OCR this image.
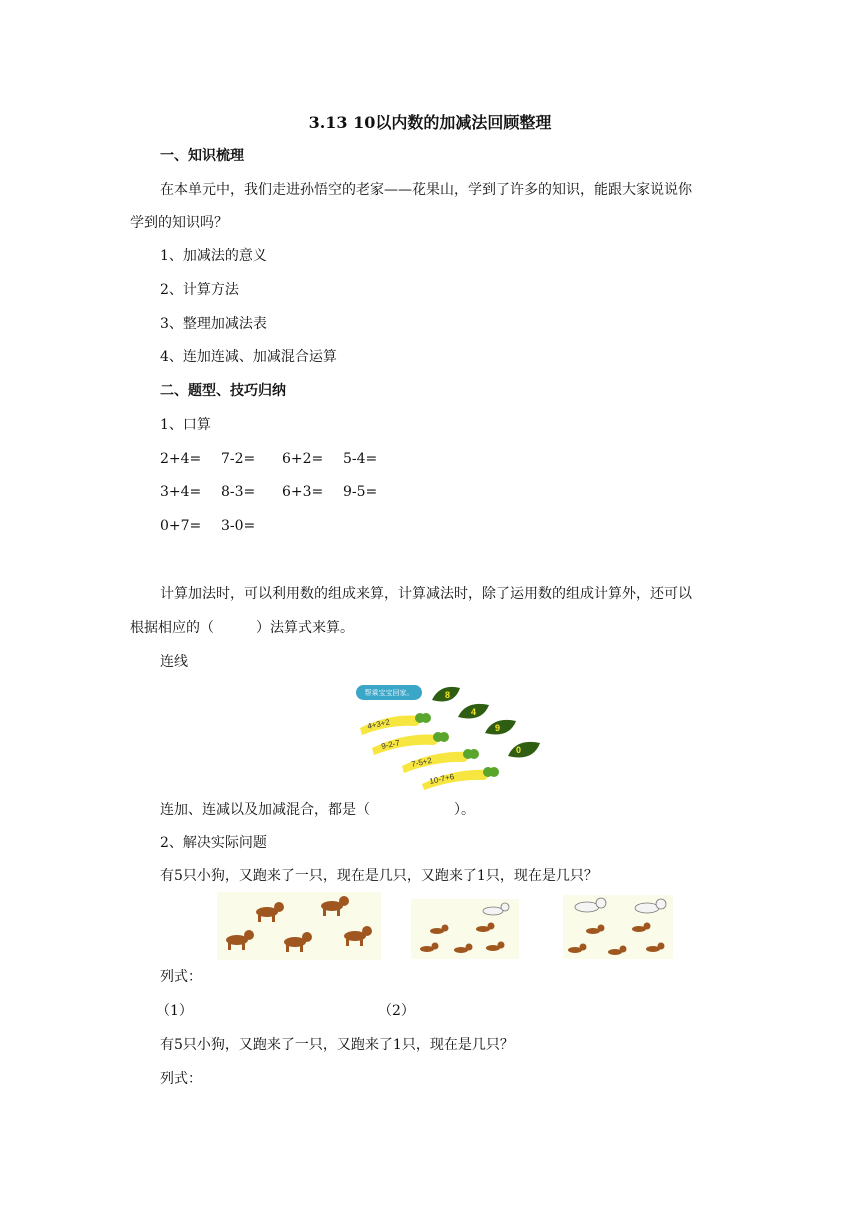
3.13 10以内数的加减法回顾整理
一、知识梳理
在本单元中，我们走进孙悟空的老家——花果山，学到了许多的知识，能跟大家说说你
学到的知识吗？
1、加减法的意义
2、计算方法
3、整理加减法表
4、连加连减、加减混合运算
二、题型、技巧归纳
1、口算
2+4= 7-2= 6+2= 5-4=
3+4= 8-3= 6+3= 9-5=
0+7= 3-0=
计算加法时，可以利用数的组成来算，计算减法时，除了运用数的组成计算外，还可以
根据相应的（　　　）法算式来算。
连线
帮乘宝宝回家。	8
4
9
0
4+3+2
9-2-7
7-5+2
10-7+6
连加、连减以及加减混合，都是（　　　　　　）。
2、解决实际问题
有5只小狗，又跑来了一只，现在是几只，又跑来了1只，现在是几只？
列式：
（1）	（2）
有5只小狗，又跑来了一只，又跑来了1只，现在是几只？
列式：
